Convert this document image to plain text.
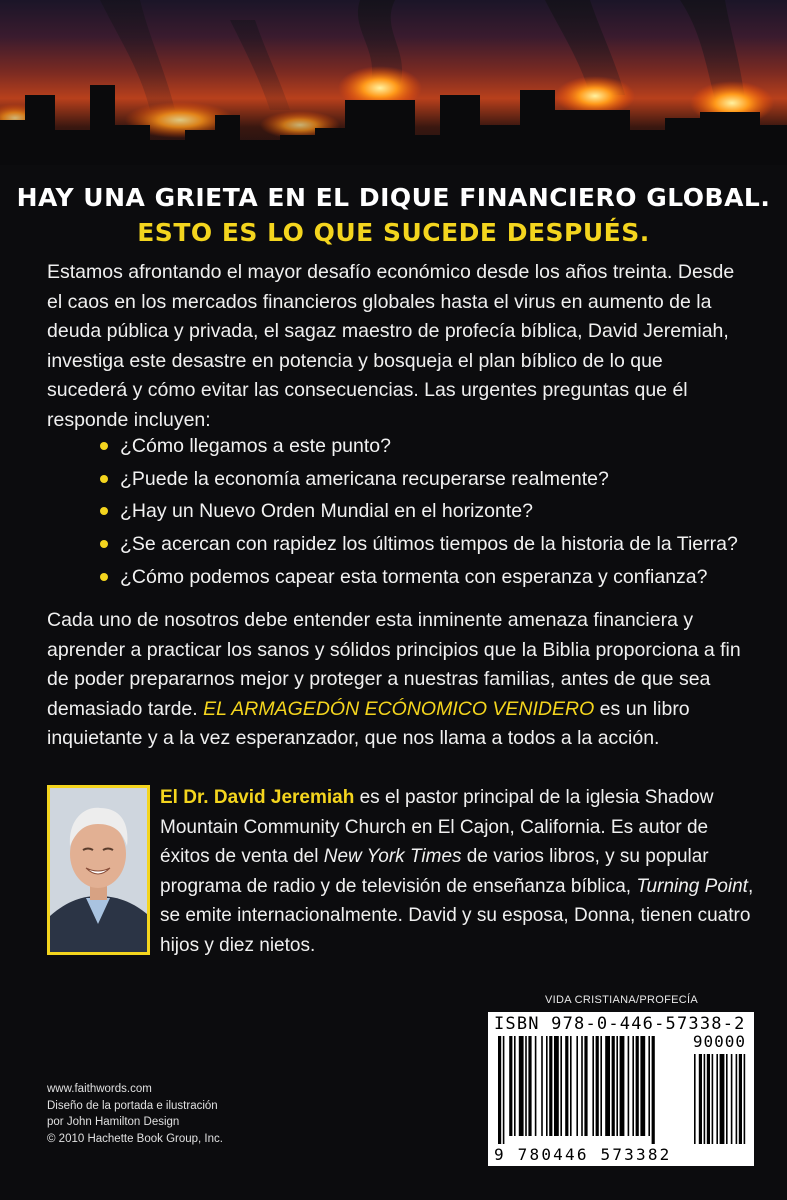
HAY UNA GRIETA EN EL DIQUE FINANCIERO GLOBAL.
ESTO ES LO QUE SUCEDE DESPUÉS.
Estamos afrontando el mayor desafío económico desde los años treinta. Desde el caos en los mercados financieros globales hasta el virus en aumento de la deuda pública y privada, el sagaz maestro de profecía bíblica, David Jeremiah, investiga este desastre en potencia y bosqueja el plan bíblico de lo que sucederá y cómo evitar las consecuencias. Las urgentes preguntas que él responde incluyen:
¿Cómo llegamos a este punto?
¿Puede la economía americana recuperarse realmente?
¿Hay un Nuevo Orden Mundial en el horizonte?
¿Se acercan con rapidez los últimos tiempos de la historia de la Tierra?
¿Cómo podemos capear esta tormenta con esperanza y confianza?
Cada uno de nosotros debe entender esta inminente amenaza financiera y aprender a practicar los sanos y sólidos principios que la Biblia proporciona a fin de poder prepararnos mejor y proteger a nuestras familias, antes de que sea demasiado tarde. EL ARMAGEDÓN ECÓNOMICO VENIDERO es un libro inquietante y a la vez esperanzador, que nos llama a todos a la acción.
El Dr. David Jeremiah es el pastor principal de la iglesia Shadow Mountain Community Church en El Cajon, California. Es autor de éxitos de venta del New York Times de varios libros, y su popular programa de radio y de televisión de enseñanza bíblica, Turning Point, se emite internacionalmente. David y su esposa, Donna, tienen cuatro hijos y diez nietos.
VIDA CRISTIANA/PROFECÍA
www.faithwords.com
Diseño de la portada e ilustración
por John Hamilton Design
© 2010 Hachette Book Group, Inc.
ISBN 978-0-446-57338-2
90000
9 780446 573382
